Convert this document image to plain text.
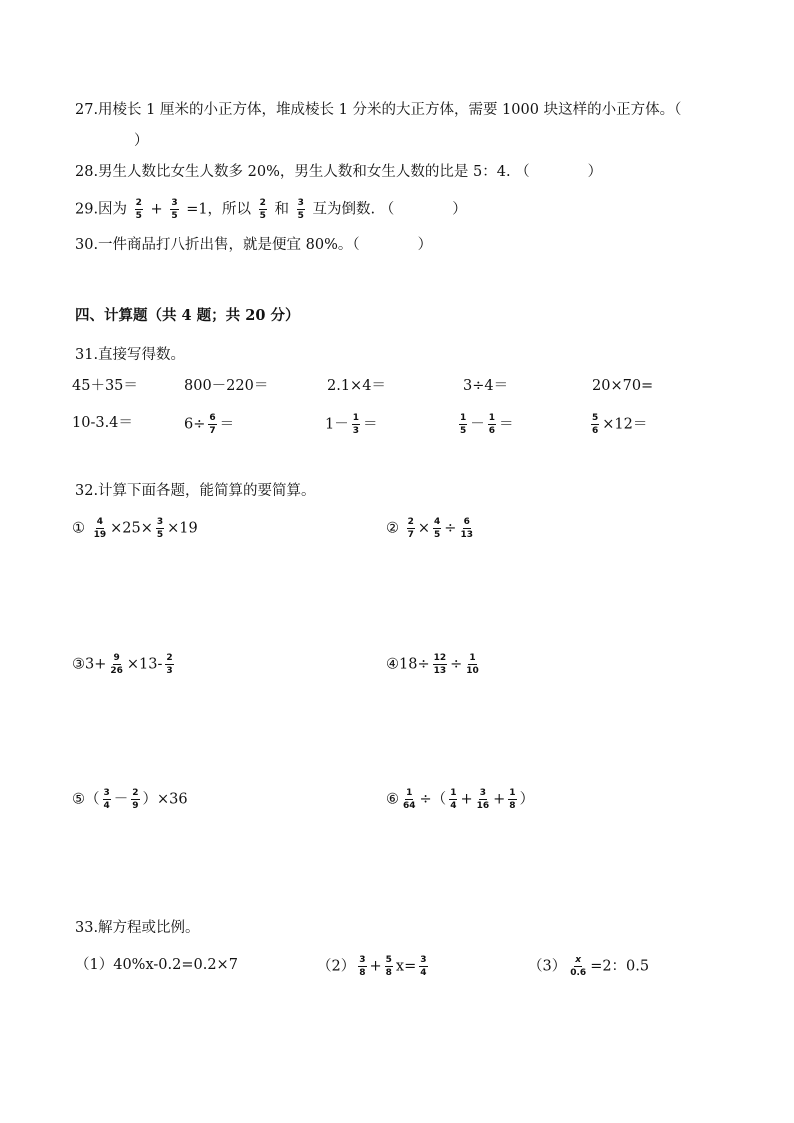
27.用棱长 1 厘米的小正方体，堆成棱长 1 分米的大正方体，需要 1000 块这样的小正方体。（
）
28.男生人数比女生人数多 20%，男生人数和女生人数的比是 5：4. （　　　　）
29.因为 $\frac{2}{5} + \frac{3}{5} =1$，所以 $\frac{2}{5}$ 和 $\frac{3}{5}$ 互为倒数. （　　　　）
30.一件商品打八折出售，就是便宜 80%。（　　　　）
四、计算题（共 4 题；共 20 分）
31.直接写得数。
45＋35＝	800－220＝	2.1×4＝	3÷4＝	20×70=
10-3.4＝	$6\div \frac{6}{7}$ ＝	$1- \frac{1}{3}$ ＝	$\frac{1}{5} - \frac{1}{6}$ ＝	$\frac{5}{6} \times 12=$
32.计算下面各题，能简算的要简算。
① $\frac{4}{19} \times 25\times \frac{3}{5} \times 19$	② $\frac{2}{7} \times \frac{4}{5} \div \frac{6}{13}$
③3+ $\frac{9}{26} \times 13- \frac{2}{3}$	④18÷ $\frac{12}{13} \div \frac{1}{10}$
⑤（ $\frac{3}{4} - \frac{2}{9} )\times 36$	⑥ $\frac{1}{64}$ ÷（ $\frac{1}{4} + \frac{3}{16} + \frac{1}{8}$ ）
33.解方程或比例。
（1）40%x-0.2=0.2×7	$(2) \frac{3}{8} + \frac{5}{8} x= \frac{3}{4}$	$(3) \frac{x}{0.6} =2$：0.5
